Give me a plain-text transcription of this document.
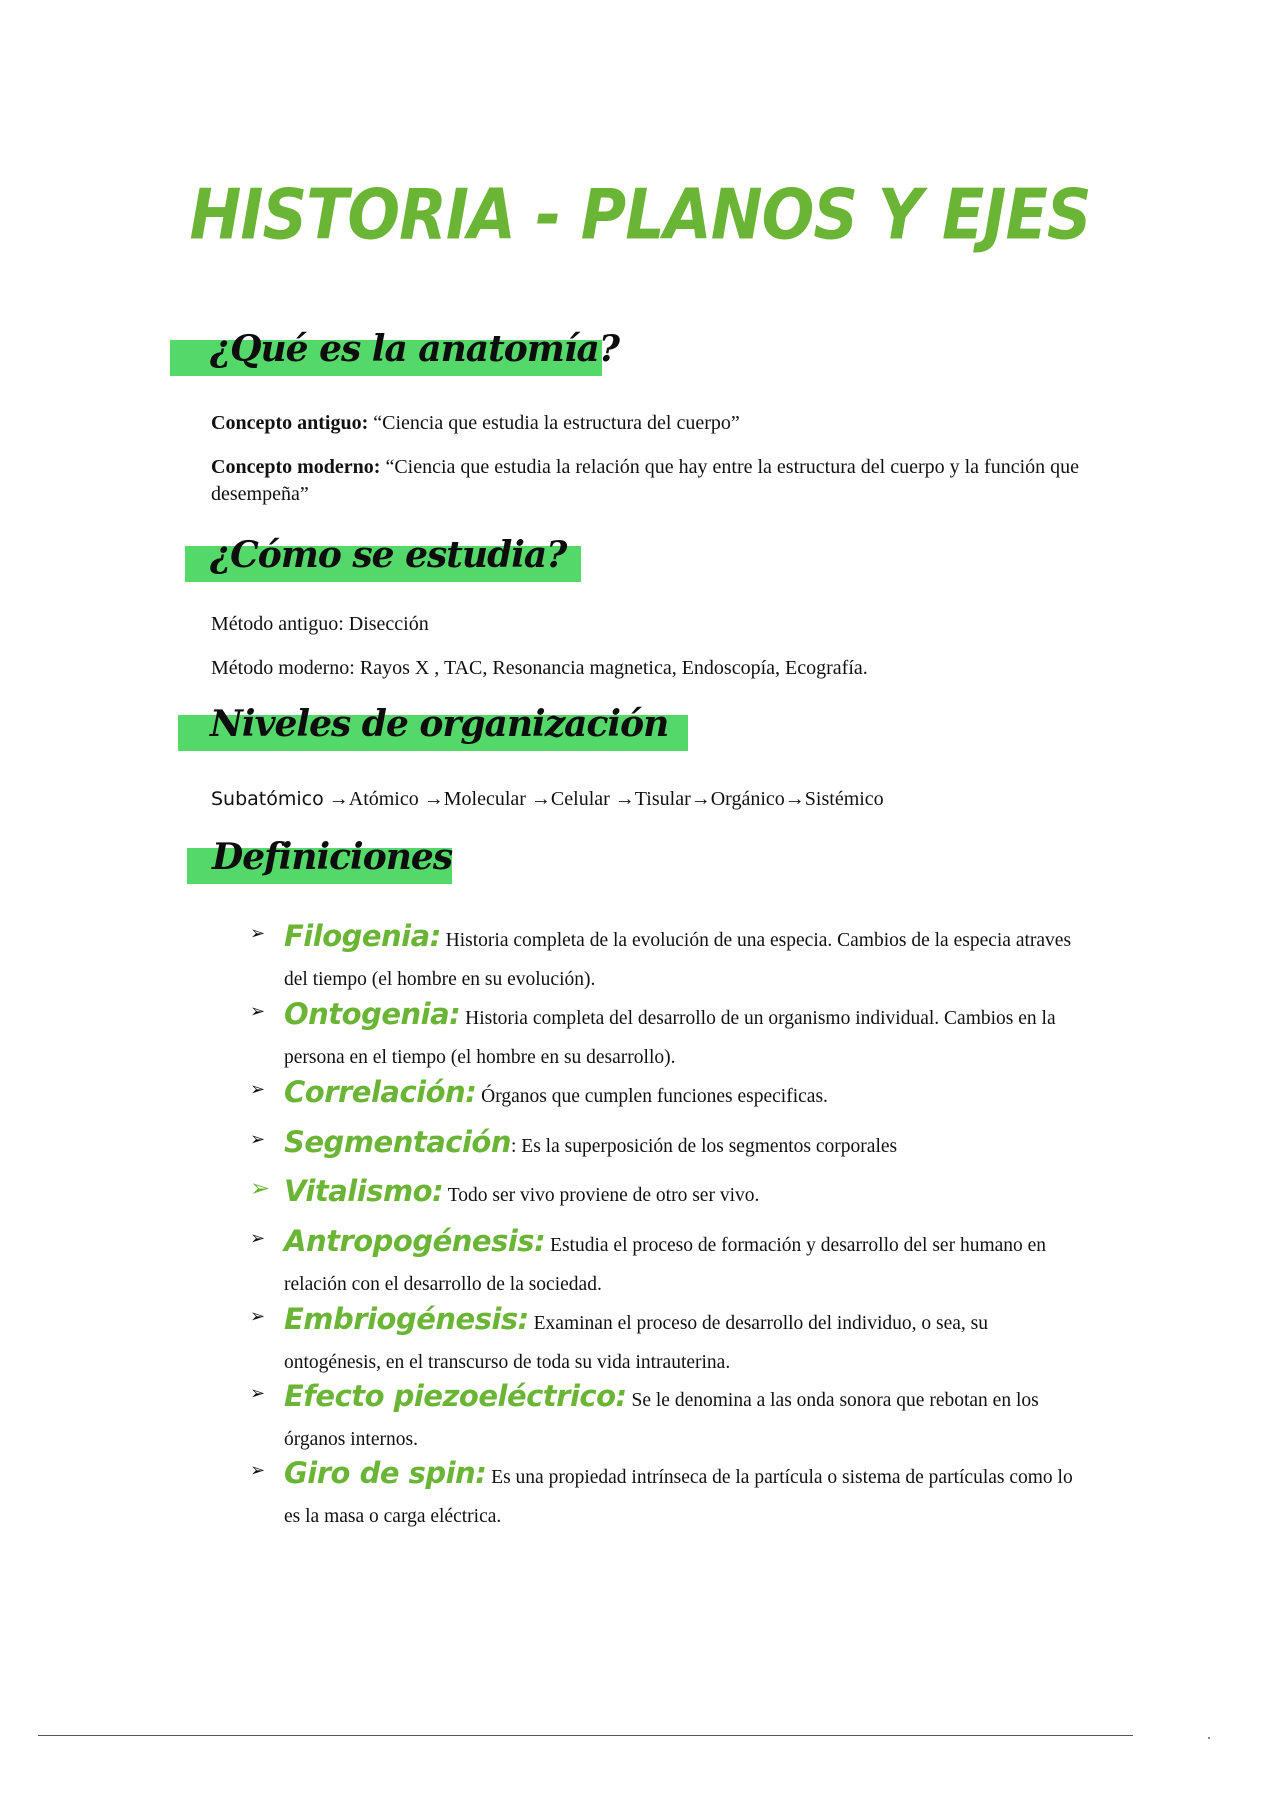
HISTORIA - PLANOS Y EJES
¿Qué es la anatomía?
Concepto antiguo: “Ciencia que estudia la estructura del cuerpo”
Concepto moderno: “Ciencia que estudia la relación que hay entre la estructura del cuerpo y la función que desempeña”
¿Cómo se estudia?
Método antiguo: Disección
Método moderno: Rayos X , TAC, Resonancia magnetica, Endoscopía, Ecografía.
Niveles de organización
Subatómico →Atómico →Molecular →Celular →Tisular→Orgánico→Sistémico
Definiciones
➢ Filogenia: Historia completa de la evolución de una especia. Cambios de la especia atraves del tiempo (el hombre en su evolución).
➢ Ontogenia: Historia completa del desarrollo de un organismo individual. Cambios en la persona en el tiempo (el hombre en su desarrollo).
➢ Correlación: Órganos que cumplen funciones especificas.
➢ Segmentación: Es la superposición de los segmentos corporales
➢ Vitalismo: Todo ser vivo proviene de otro ser vivo.
➢ Antropogénesis: Estudia el proceso de formación y desarrollo del ser humano en relación con el desarrollo de la sociedad.
➢ Embriogénesis: Examinan el proceso de desarrollo del individuo, o sea, su ontogénesis, en el transcurso de toda su vida intrauterina.
➢ Efecto piezoeléctrico: Se le denomina a las onda sonora que rebotan en los órganos internos.
➢ Giro de spin: Es una propiedad intrínseca de la partícula o sistema de partículas como lo es la masa o carga eléctrica.
